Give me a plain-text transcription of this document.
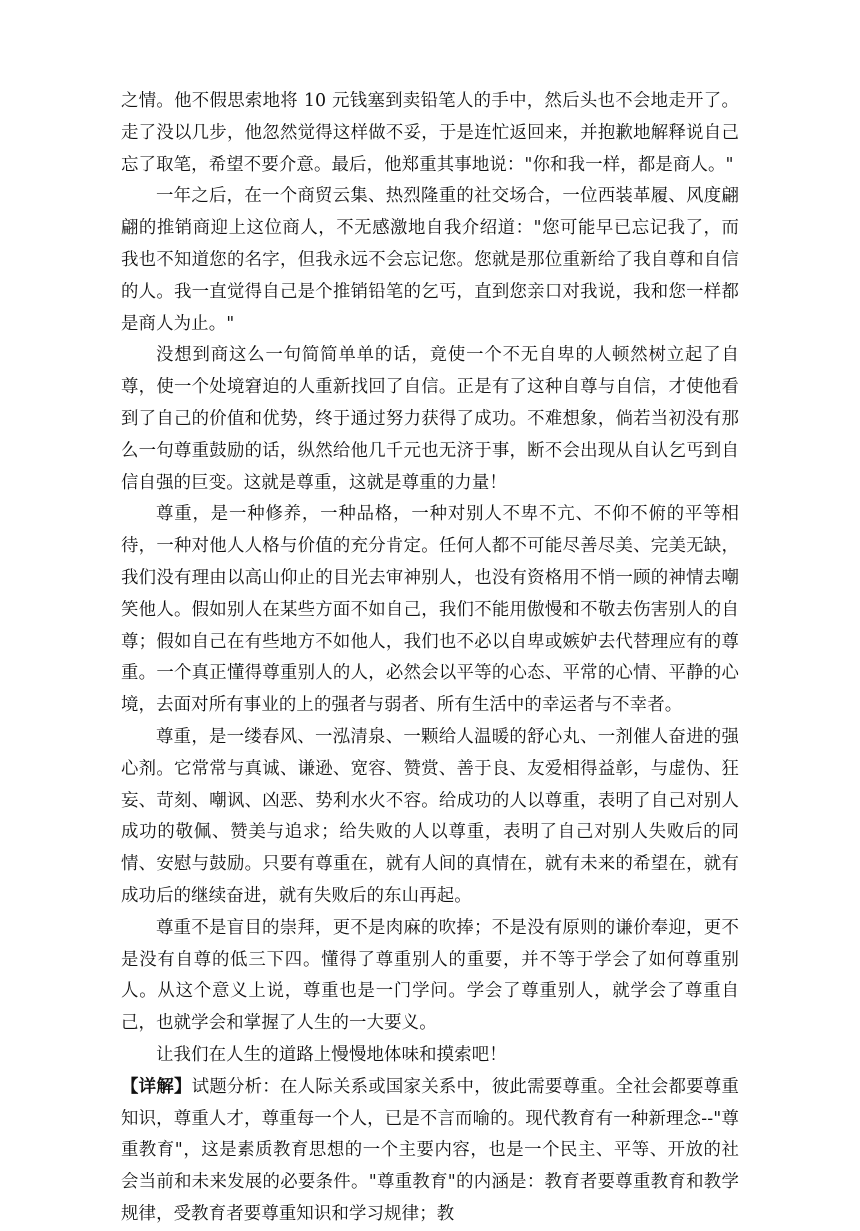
之情。他不假思索地将 10 元钱塞到卖铅笔人的手中，然后头也不会地走开了。走了没以几步，他忽然觉得这样做不妥，于是连忙返回来，并抱歉地解释说自己忘了取笔，希望不要介意。最后，他郑重其事地说："你和我一样，都是商人。"

一年之后，在一个商贸云集、热烈隆重的社交场合，一位西装革履、风度翩翩的推销商迎上这位商人，不无感激地自我介绍道："您可能早已忘记我了，而我也不知道您的名字，但我永远不会忘记您。您就是那位重新给了我自尊和自信的人。我一直觉得自己是个推销铅笔的乞丐，直到您亲口对我说，我和您一样都是商人为止。"

没想到商这么一句简简单单的话，竟使一个不无自卑的人顿然树立起了自尊，使一个处境窘迫的人重新找回了自信。正是有了这种自尊与自信，才使他看到了自己的价值和优势，终于通过努力获得了成功。不难想象，倘若当初没有那么一句尊重鼓励的话，纵然给他几千元也无济于事，断不会出现从自认乞丐到自信自强的巨变。这就是尊重，这就是尊重的力量！

尊重，是一种修养，一种品格，一种对别人不卑不亢、不仰不俯的平等相待，一种对他人人格与价值的充分肯定。任何人都不可能尽善尽美、完美无缺，我们没有理由以高山仰止的目光去审神别人，也没有资格用不悄一顾的神情去嘲笑他人。假如别人在某些方面不如自己，我们不能用傲慢和不敬去伤害别人的自尊；假如自己在有些地方不如他人，我们也不必以自卑或嫉妒去代替理应有的尊重。一个真正懂得尊重别人的人，必然会以平等的心态、平常的心情、平静的心境，去面对所有事业的上的强者与弱者、所有生活中的幸运者与不幸者。

尊重，是一缕春风、一泓清泉、一颗给人温暖的舒心丸、一剂催人奋进的强心剂。它常常与真诚、谦逊、宽容、赞赏、善于良、友爱相得益彰，与虚伪、狂妄、苛刻、嘲讽、凶恶、势利水火不容。给成功的人以尊重，表明了自己对别人成功的敬佩、赞美与追求；给失败的人以尊重，表明了自己对别人失败后的同情、安慰与鼓励。只要有尊重在，就有人间的真情在，就有未来的希望在，就有成功后的继续奋进，就有失败后的东山再起。

尊重不是盲目的崇拜，更不是肉麻的吹捧；不是没有原则的谦价奉迎，更不是没有自尊的低三下四。懂得了尊重别人的重要，并不等于学会了如何尊重别人。从这个意义上说，尊重也是一门学问。学会了尊重别人，就学会了尊重自己，也就学会和掌握了人生的一大要义。

让我们在人生的道路上慢慢地体味和摸索吧！

【详解】试题分析：在人际关系或国家关系中，彼此需要尊重。全社会都要尊重知识，尊重人才，尊重每一个人，已是不言而喻的。现代教育有一种新理念--"尊重教育"，这是素质教育思想的一个主要内容，也是一个民主、平等、开放的社会当前和未来发展的必要条件。"尊重教育"的内涵是：教育者要尊重教育和教学规律，受教育者要尊重知识和学习规律；教
